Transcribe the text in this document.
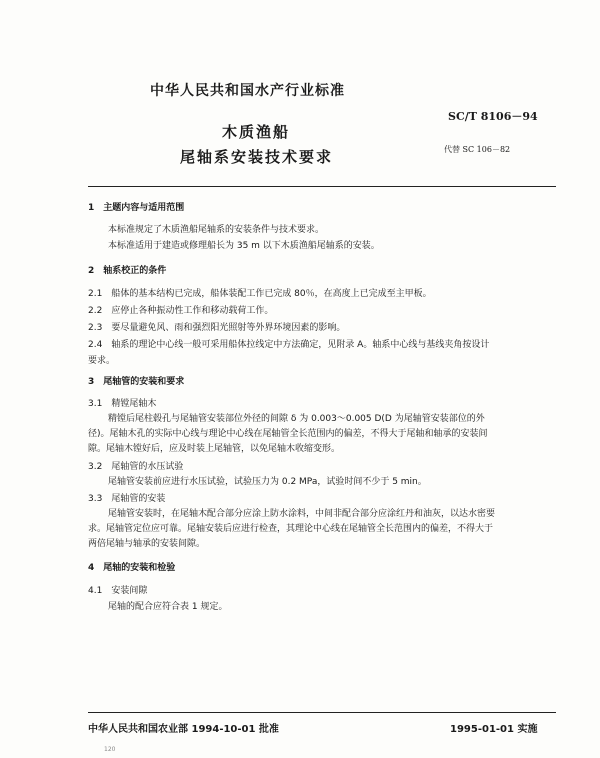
中华人民共和国水产行业标准
SC/T 8106－94
木质渔船
代替 SC 106－82
尾轴系安装技术要求
1　主题内容与适用范围
本标准规定了木质渔船尾轴系的安装条件与技术要求。
本标准适用于建造或修理船长为 35 m 以下木质渔船尾轴系的安装。
2　轴系校正的条件
2.1　船体的基本结构已完成，船体装配工作已完成 80％，在高度上已完成至主甲板。
2.2　应停止各种振动性工作和移动载荷工作。
2.3　要尽量避免风、雨和强烈阳光照射等外界环境因素的影响。
2.4　轴系的理论中心线一般可采用船体拉线定中方法确定，见附录 A。轴系中心线与基线夹角按设计
要求。
3　尾轴管的安装和要求
3.1　精镗尾轴木
精镗后尾柱毂孔与尾轴管安装部位外径的间隙 δ 为 0.003～0.005 D(D 为尾轴管安装部位的外
径)。尾轴木孔的实际中心线与理论中心线在尾轴管全长范围内的偏差，不得大于尾轴和轴承的安装间
隙。尾轴木镗好后，应及时装上尾轴管，以免尾轴木收缩变形。
3.2　尾轴管的水压试验
尾轴管安装前应进行水压试验，试验压力为 0.2 MPa，试验时间不少于 5 min。
3.3　尾轴管的安装
尾轴管安装时，在尾轴木配合部分应涂上防水涂料，中间非配合部分应涂红丹和油灰，以达水密要
求。尾轴管定位应可靠。尾轴安装后应进行检查，其理论中心线在尾轴管全长范围内的偏差，不得大于
两倍尾轴与轴承的安装间隙。
4　尾轴的安装和检验
4.1　安装间隙
尾轴的配合应符合表 1 规定。
中华人民共和国农业部 1994-10-01 批准	1995-01-01 实施
120
